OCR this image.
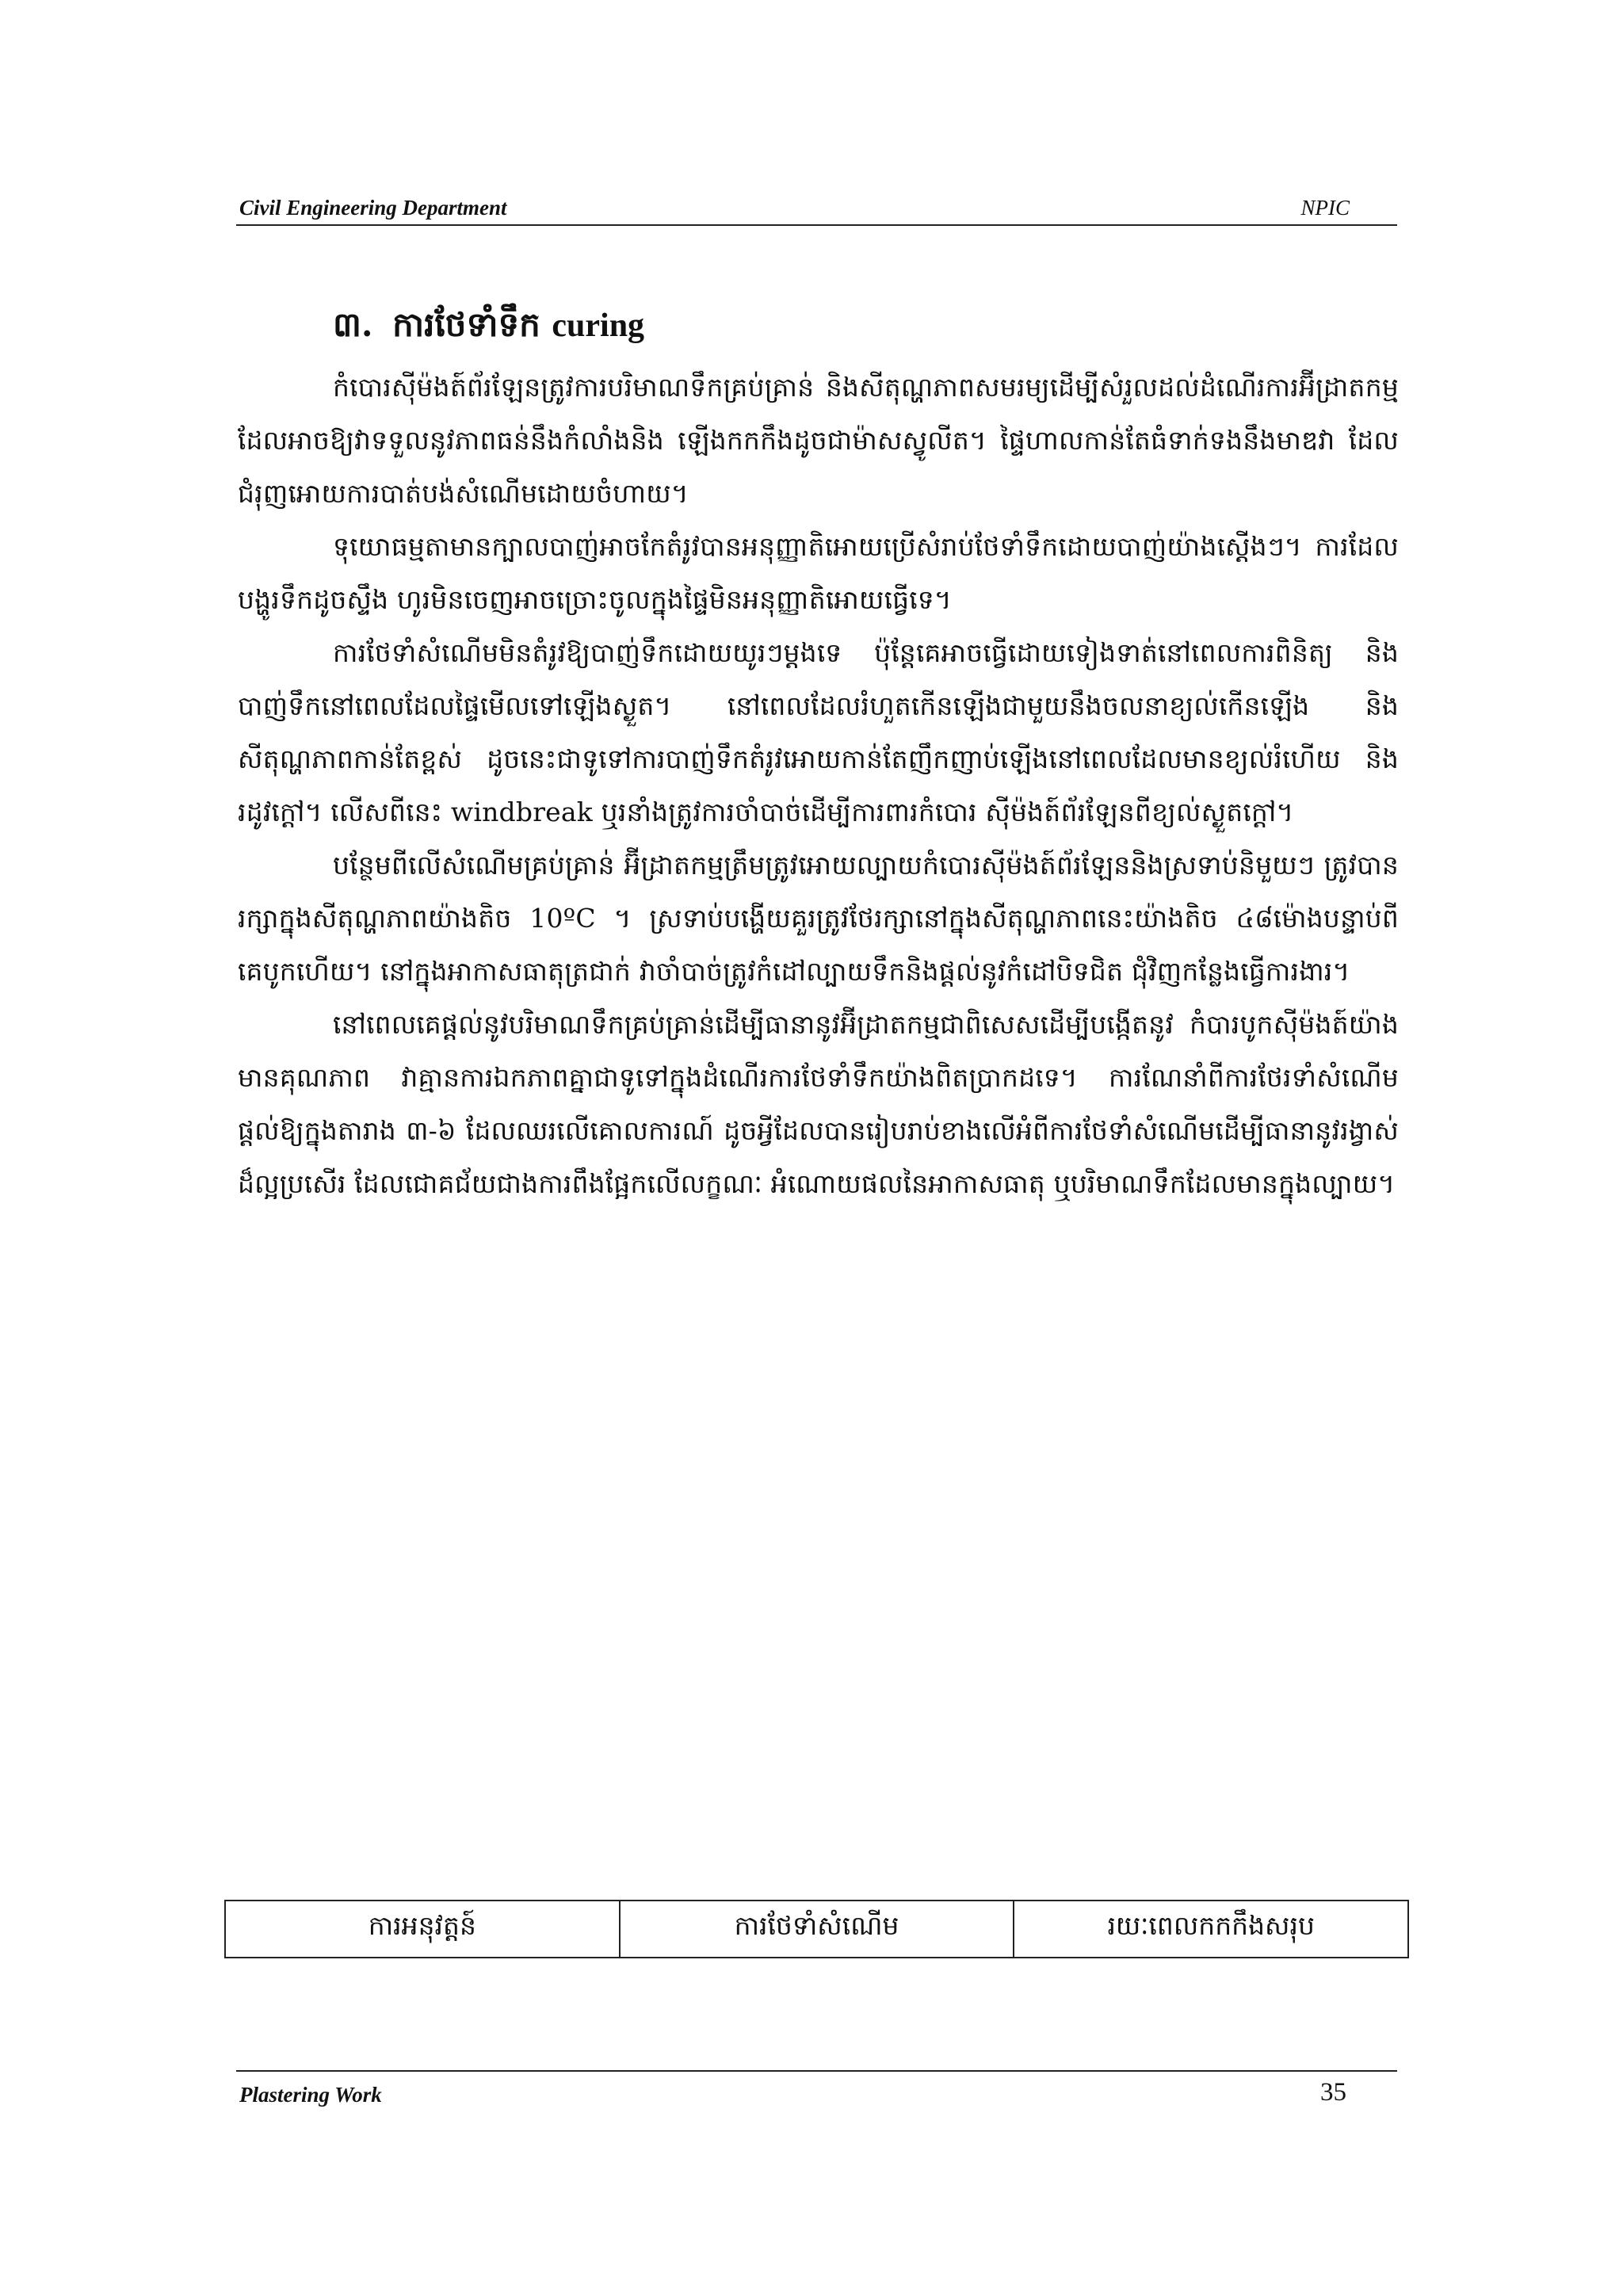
Civil Engineering Department	NPIC
៣. ការថែទាំទឹក curing

កំបោរស៊ីម៉ងត៍ព័រឡែនត្រូវការបរិមាណទឹកគ្រប់គ្រាន់ និងសីតុណ្ហភាពសមរម្យដើម្បីសំរួលដល់ដំណើរការអ៊ីដ្រាតកម្ម ដែលអាចឱ្យវាទទួលនូវភាពធន់នឹងកំលាំងនិង ឡើងកកកឹងដូចជាម៉ាសស្វូលីត។ ផ្ទៃហាលកាន់តែធំទាក់ទងនឹងមាឌវា ដែលជំរុញអោយការបាត់បង់សំណើមដោយចំហាយ។

ទុយោធម្មតាមានក្បាលបាញ់អាចកែតំរូវបានអនុញ្ញាតិអោយប្រើសំរាប់ថែទាំទឹកដោយបាញ់យ៉ាងស្តើងៗ។ ការដែលបង្ហូរទឹកដូចស្ទឹង ហូរមិនចេញអាចច្រោះចូលក្នុងផ្ទៃមិនអនុញ្ញាតិអោយធ្វើទេ។

ការថែទាំសំណើមមិនតំរូវឱ្យបាញ់ទឹកដោយយូរៗម្តងទេ ប៉ុន្តែគេអាចធ្វើដោយទៀងទាត់នៅពេលការពិនិត្យ និងបាញ់ទឹកនៅពេលដែលផ្ទៃមើលទៅឡើងស្ងួត។ នៅពេលដែលរំហួតកើនឡើងជាមួយនឹងចលនាខ្យល់កើនឡើង និងសីតុណ្ហភាពកាន់តែខ្ពស់ ដូចនេះជាទូទៅការបាញ់ទឹកតំរូវអោយកាន់តែញឹកញាប់ឡើងនៅពេលដែលមានខ្យល់រំហើយ និងរដូវក្តៅ។ លើសពីនេះ windbreak ឬរនាំងត្រូវការចាំបាច់ដើម្បីការពារកំបោរ ស៊ីម៉ងត៍ព័រឡែនពីខ្យល់ស្ងួតក្តៅ។

បន្ថែមពីលើសំណើមគ្រប់គ្រាន់ អ៊ីដ្រាតកម្មត្រឹមត្រូវអោយល្បាយកំបោរស៊ីម៉ងត៍ព័រឡែននិងស្រទាប់និមួយៗ ត្រូវបានរក្សាក្នុងសីតុណ្ហភាពយ៉ាងតិច 10ºC ។ ស្រទាប់បង្ហើយគួរត្រូវថែរក្សានៅក្នុងសីតុណ្ហភាពនេះយ៉ាងតិច ៤៨ម៉ោងបន្ទាប់ពីគេបូកហើយ។ នៅក្នុងអាកាសធាតុត្រជាក់ វាចាំបាច់ត្រូវកំដៅល្បាយទឹកនិងផ្តល់នូវកំដៅបិទជិត ជុំវិញកន្លែងធ្វើការងារ។

នៅពេលគេផ្តល់នូវបរិមាណទឹកគ្រប់គ្រាន់ដើម្បីធានានូវអ៊ីដ្រាតកម្មជាពិសេសដើម្បីបង្កើតនូវ កំបារបូកស៊ីម៉ងត៍យ៉ាងមានគុណភាព វាគ្មានការឯកភាពគ្នាជាទូទៅក្នុងដំណើរការថែទាំទឹកយ៉ាងពិតប្រាកដទេ។ ការណែនាំពីការថែរទាំសំណើមផ្តល់ឱ្យក្នុងតារាង ៣-៦ ដែលឈរលើគោលការណ៍ ដូចអ្វីដែលបានរៀបរាប់ខាងលើអំពីការថែទាំសំណើមដើម្បីធានានូវរង្វាស់ដ៏ល្អប្រសើរ ដែលជោគជ័យជាងការពឹងផ្អែកលើលក្ខណៈ អំណោយផលនៃអាកាសធាតុ ឬបរិមាណទឹកដែលមានក្នុងល្បាយ។

ការអនុវត្តន៍	ការថែទាំសំណើម	រយៈពេលកកកឹងសរុប
Plastering Work	35
